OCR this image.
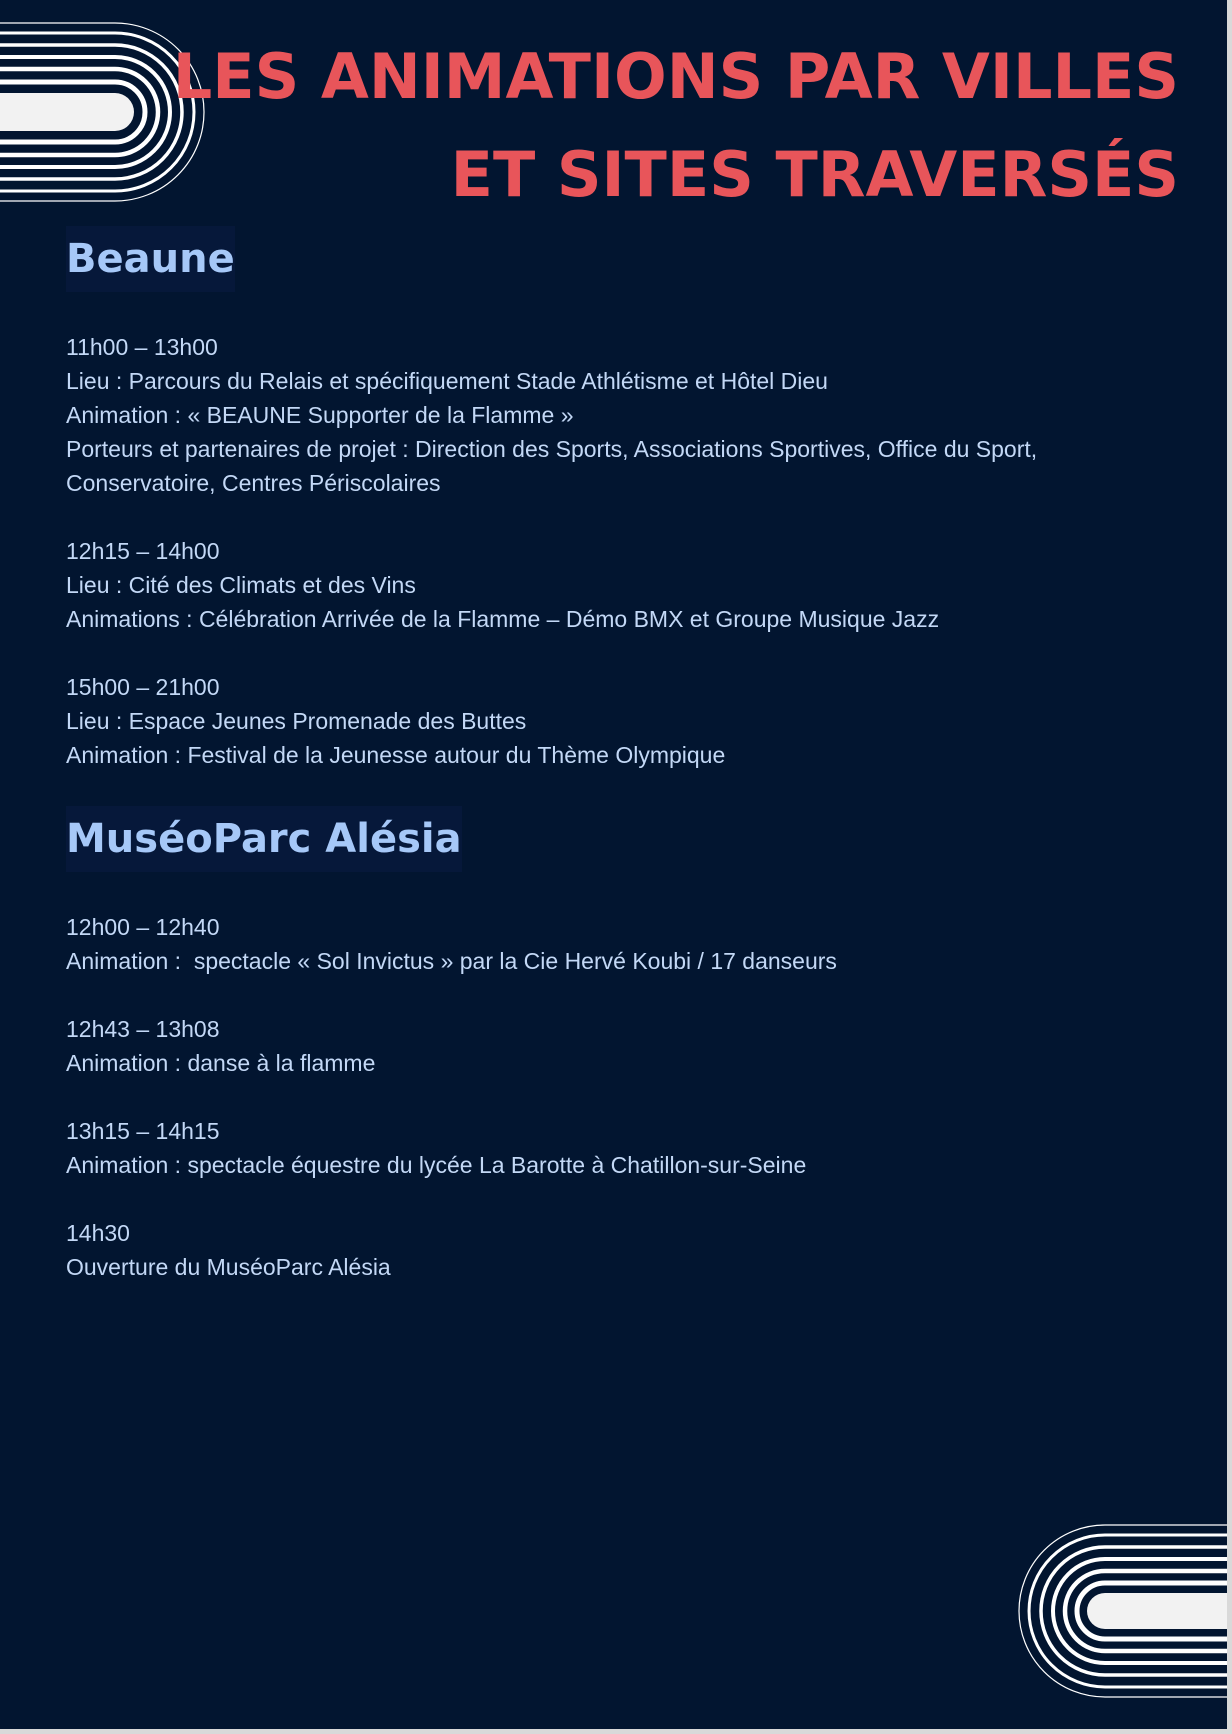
LES ANIMATIONS PAR VILLES
ET SITES TRAVERSÉS
Beaune
11h00 – 13h00
Lieu : Parcours du Relais et spécifiquement Stade Athlétisme et Hôtel Dieu
Animation : « BEAUNE Supporter de la Flamme »
Porteurs et partenaires de projet : Direction des Sports, Associations Sportives, Office du Sport,
Conservatoire, Centres Périscolaires
12h15 – 14h00
Lieu : Cité des Climats et des Vins
Animations : Célébration Arrivée de la Flamme – Démo BMX et Groupe Musique Jazz
15h00 – 21h00
Lieu : Espace Jeunes Promenade des Buttes
Animation : Festival de la Jeunesse autour du Thème Olympique
MuséoParc Alésia
12h00 – 12h40
Animation :  spectacle « Sol Invictus » par la Cie Hervé Koubi / 17 danseurs
12h43 – 13h08
Animation : danse à la flamme
13h15 – 14h15
Animation : spectacle équestre du lycée La Barotte à Chatillon-sur-Seine
14h30
Ouverture du MuséoParc Alésia
